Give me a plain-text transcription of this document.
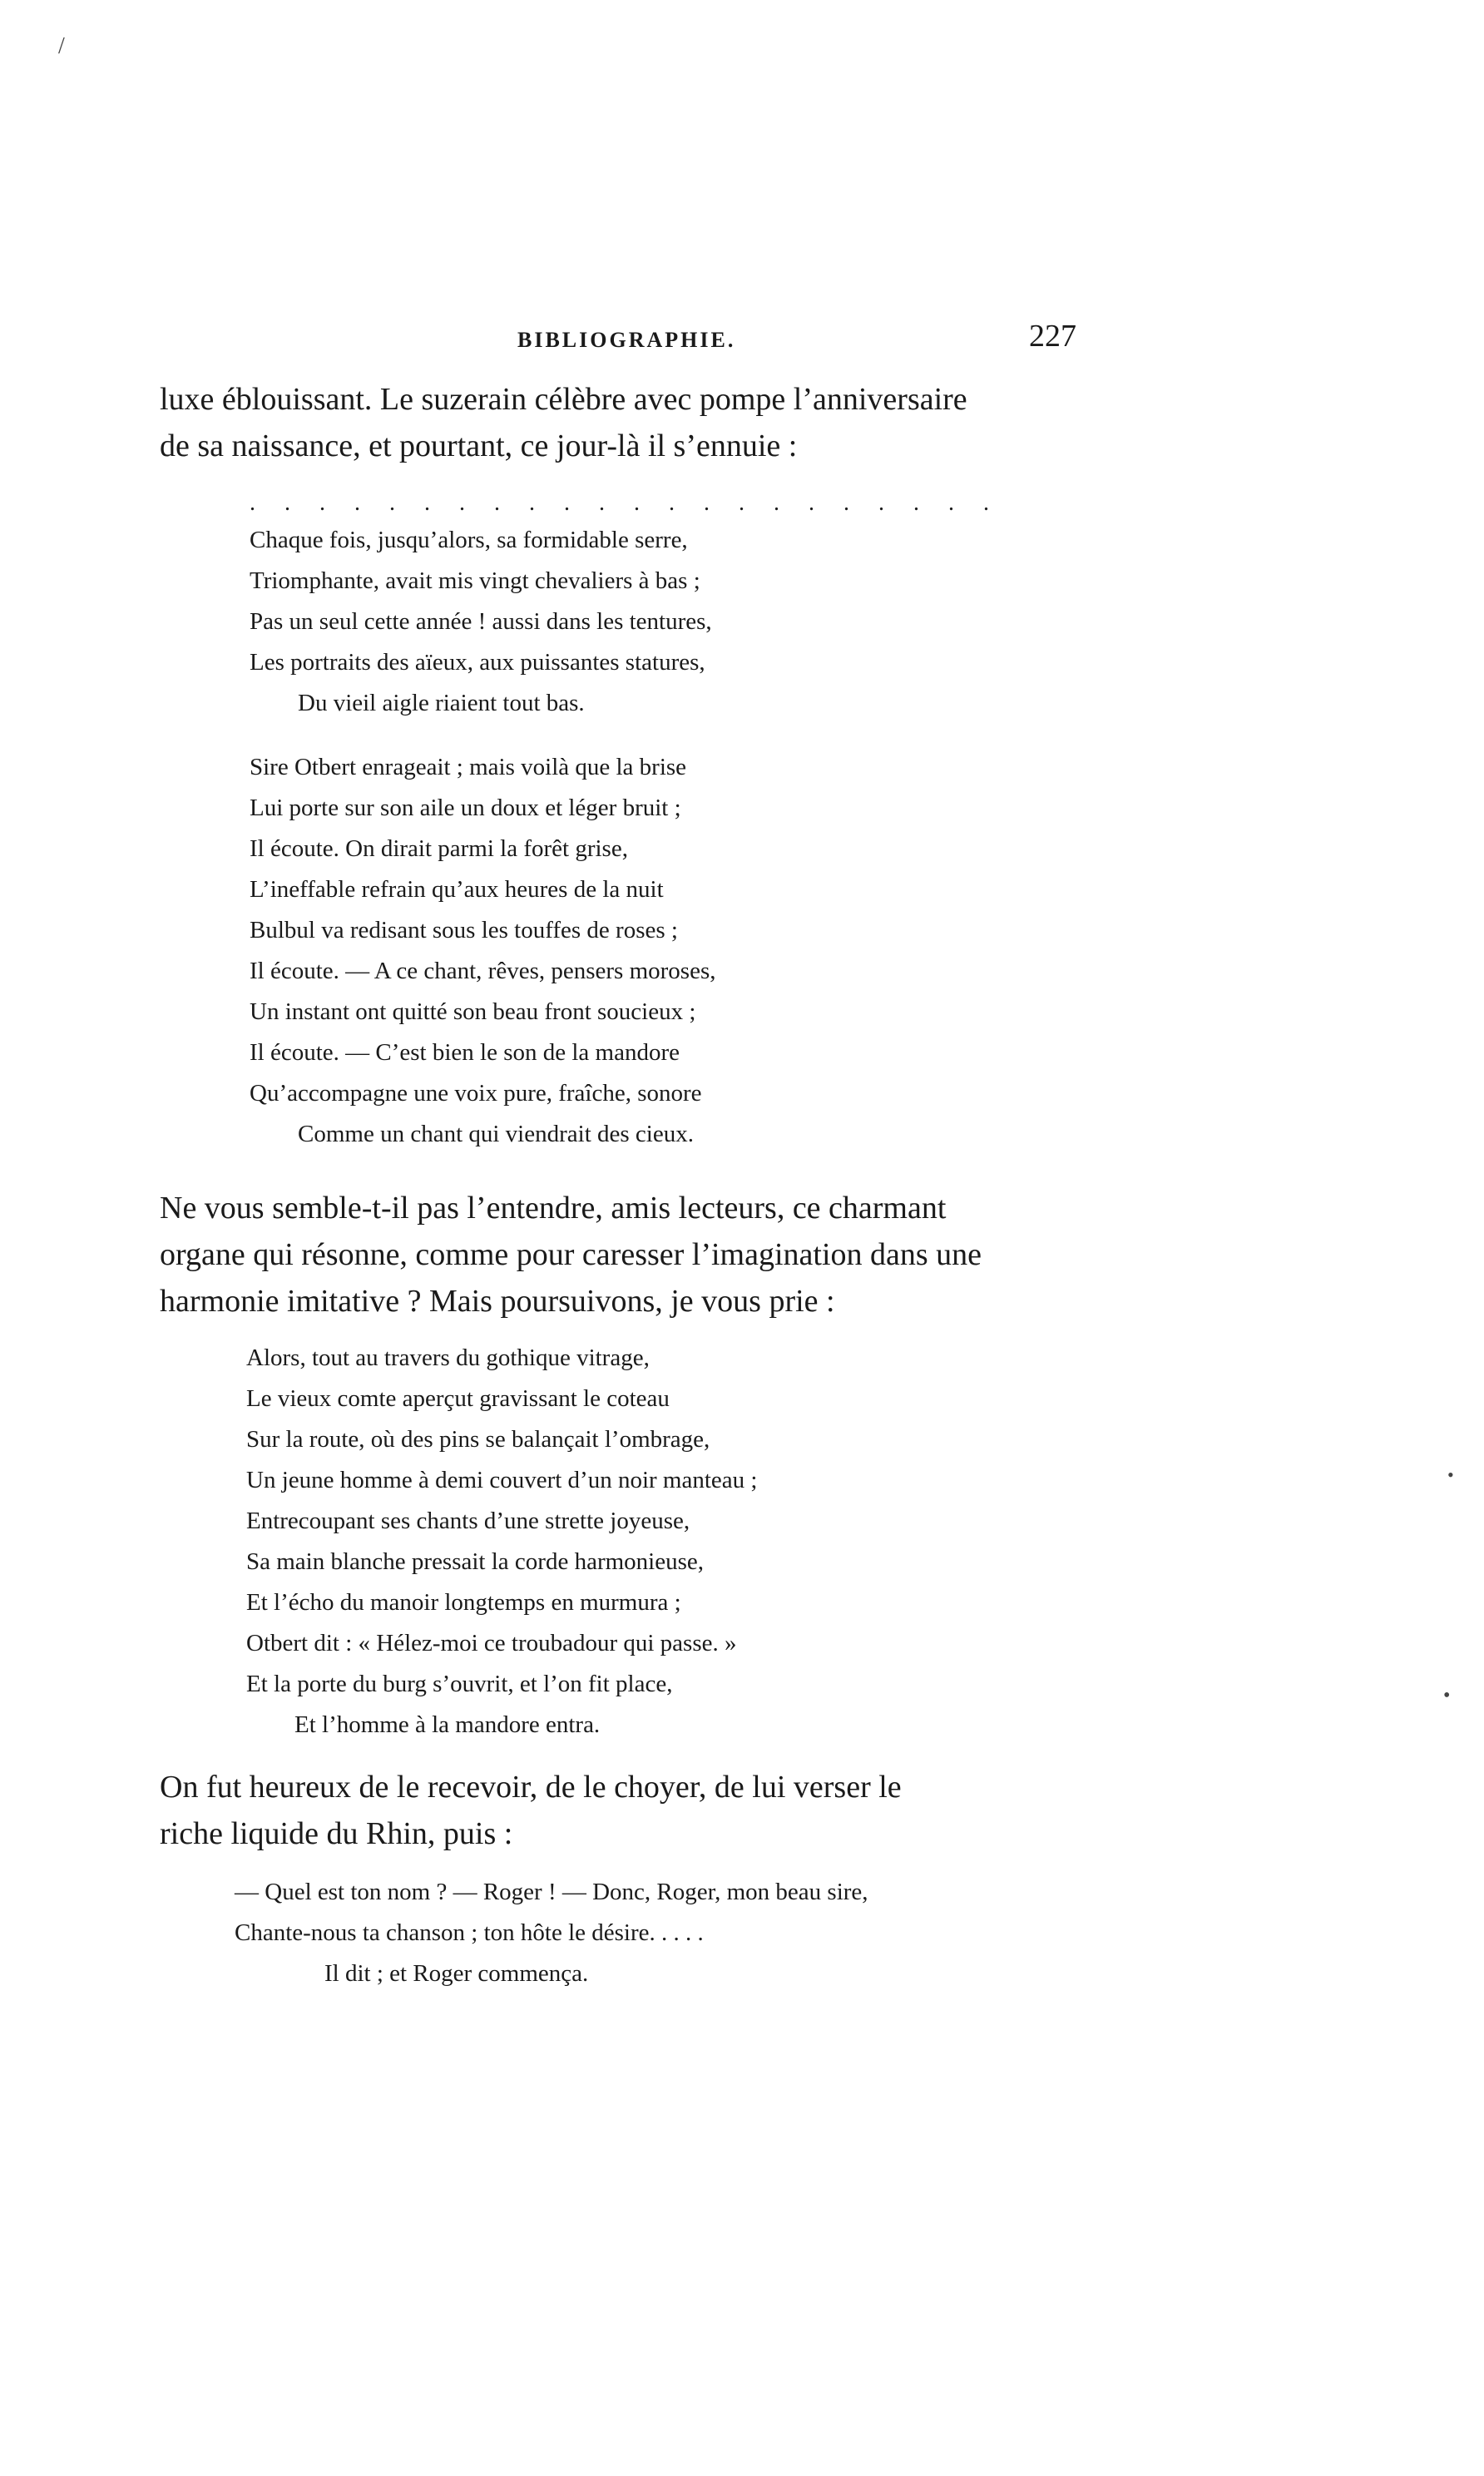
/
BIBLIOGRAPHIE.	227
luxe éblouissant. Le suzerain célèbre avec pompe l’anniversaire
de sa naissance, et pourtant, ce jour-là il s’ennuie :
. . . . . . . . . . . . . . . . . . . . . .
Chaque fois, jusqu’alors, sa formidable serre,
Triomphante, avait mis vingt chevaliers à bas ;
Pas un seul cette année ! aussi dans les tentures,
Les portraits des aïeux, aux puissantes statures,
Du vieil aigle riaient tout bas.
Sire Otbert enrageait ; mais voilà que la brise
Lui porte sur son aile un doux et léger bruit ;
Il écoute. On dirait parmi la forêt grise,
L’ineffable refrain qu’aux heures de la nuit
Bulbul va redisant sous les touffes de roses ;
Il écoute. — A ce chant, rêves, pensers moroses,
Un instant ont quitté son beau front soucieux ;
Il écoute. — C’est bien le son de la mandore
Qu’accompagne une voix pure, fraîche, sonore
Comme un chant qui viendrait des cieux.
Ne vous semble-t-il pas l’entendre, amis lecteurs, ce charmant
organe qui résonne, comme pour caresser l’imagination dans une
harmonie imitative ? Mais poursuivons, je vous prie :
Alors, tout au travers du gothique vitrage,
Le vieux comte aperçut gravissant le coteau
Sur la route, où des pins se balançait l’ombrage,
Un jeune homme à demi couvert d’un noir manteau ;
Entrecoupant ses chants d’une strette joyeuse,
Sa main blanche pressait la corde harmonieuse,
Et l’écho du manoir longtemps en murmura ;
Otbert dit : « Hélez-moi ce troubadour qui passe. »
Et la porte du burg s’ouvrit, et l’on fit place,
Et l’homme à la mandore entra.
On fut heureux de le recevoir, de le choyer, de lui verser le
riche liquide du Rhin, puis :
— Quel est ton nom ? — Roger ! — Donc, Roger, mon beau sire,
Chante-nous ta chanson ; ton hôte le désire. . . . .
Il dit ; et Roger commença.
•
•
